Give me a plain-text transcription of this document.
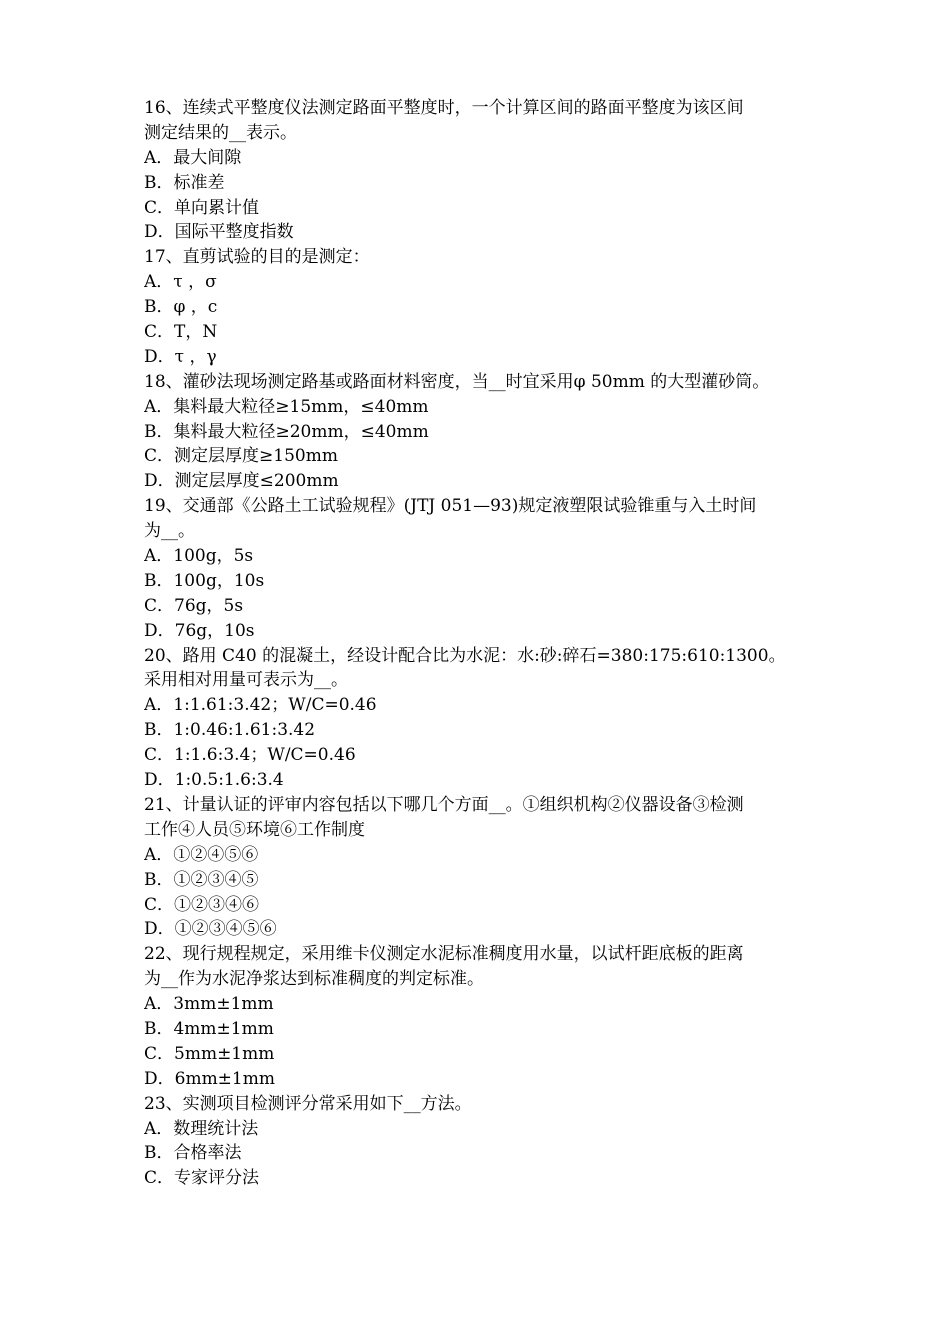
16、连续式平整度仪法测定路面平整度时，一个计算区间的路面平整度为该区间
测定结果的__表示。
A．最大间隙
B．标准差
C．单向累计值
D．国际平整度指数
17、直剪试验的目的是测定：
A．τ ，σ
B．φ ，c
C．T，N
D．τ ，γ
18、灌砂法现场测定路基或路面材料密度，当__时宜采用φ 50mm 的大型灌砂筒。
A．集料最大粒径≥15mm，≤40mm
B．集料最大粒径≥20mm，≤40mm
C．测定层厚度≥150mm
D．测定层厚度≤200mm
19、交通部《公路土工试验规程》(JTJ 051—93)规定液塑限试验锥重与入土时间
为__。
A．100g，5s
B．100g，10s
C．76g，5s
D．76g，10s
20、路用 C40 的混凝土，经设计配合比为水泥：水:砂:碎石=380:175:610:1300。
采用相对用量可表示为__。
A．1:1.61:3.42；W/C=0.46
B．1:0.46:1.61:3.42
C．1:1.6:3.4；W/C=0.46
D．1:0.5:1.6:3.4
21、计量认证的评审内容包括以下哪几个方面__。①组织机构②仪器设备③检测
工作④人员⑤环境⑥工作制度
A．①②④⑤⑥
B．①②③④⑤
C．①②③④⑥
D．①②③④⑤⑥
22、现行规程规定，采用维卡仪测定水泥标准稠度用水量，以试杆距底板的距离
为__作为水泥净浆达到标准稠度的判定标准。
A．3mm±1mm
B．4mm±1mm
C．5mm±1mm
D．6mm±1mm
23、实测项目检测评分常采用如下__方法。
A．数理统计法
B．合格率法
C．专家评分法
